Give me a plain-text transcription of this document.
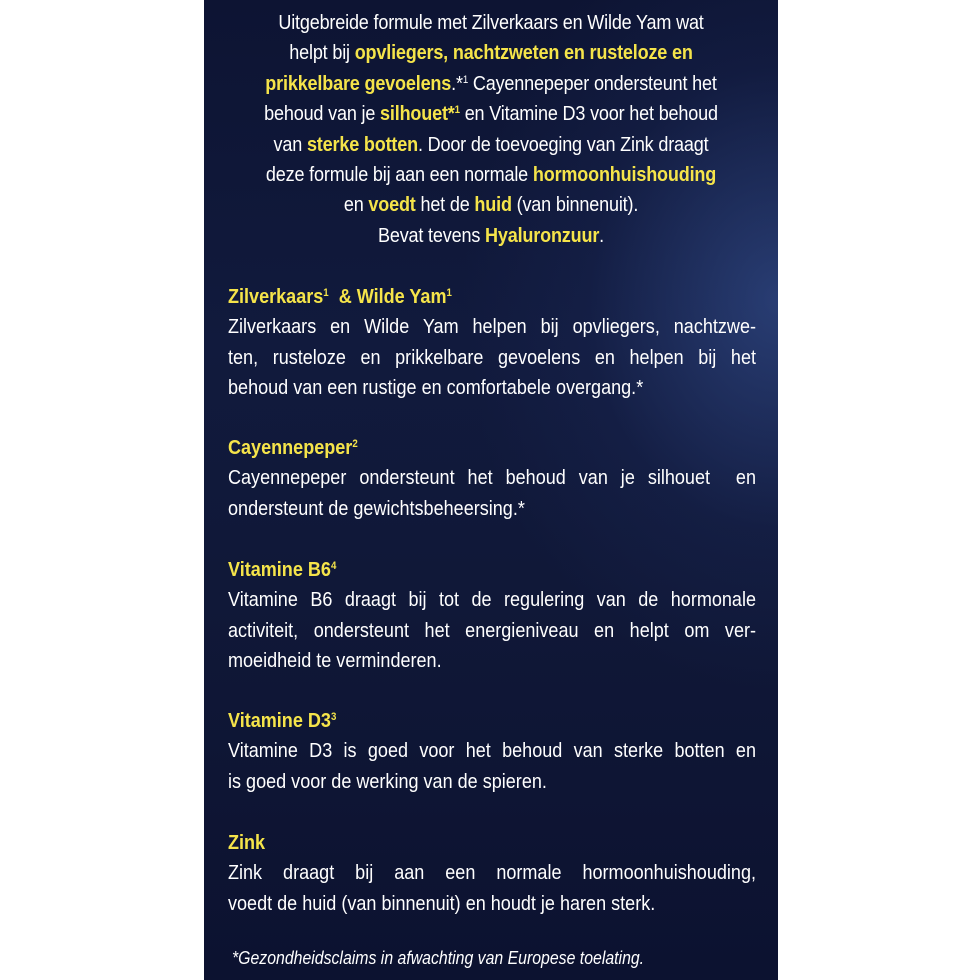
Uitgebreide formule met Zilverkaars en Wilde Yam wat
helpt bij opvliegers, nachtzweten en rusteloze en
prikkelbare gevoelens.*$^1$ Cayennepeper ondersteunt het
behoud van je silhouet*$^1$ en Vitamine D3 voor het behoud
van sterke botten. Door de toevoeging van Zink draagt
deze formule bij aan een normale hormoonhuishouding
en voedt het de huid (van binnenuit).
Bevat tevens Hyaluronzuur.
Zilverkaars$^1$  & Wilde Yam$^1$
Zilverkaars en Wilde Yam helpen bij opvliegers, nachtzwe-
ten, rusteloze en prikkelbare gevoelens en helpen bij het
behoud van een rustige en comfortabele overgang.*
Cayennepeper$^2$
Cayennepeper ondersteunt het behoud van je silhouet  en
ondersteunt de gewichtsbeheersing.*
Vitamine $B6^4$
Vitamine B6 draagt bij tot de regulering van de hormonale
activiteit, ondersteunt het energieniveau en helpt om ver-
moeidheid te verminderen.
Vitamine $D3^3$
Vitamine D3 is goed voor het behoud van sterke botten en
is goed voor de werking van de spieren.
Zink
Zink draagt bij aan een normale hormoonhuishouding,
voedt de huid (van binnenuit) en houdt je haren sterk.
*Gezondheidsclaims in afwachting van Europese toelating.
